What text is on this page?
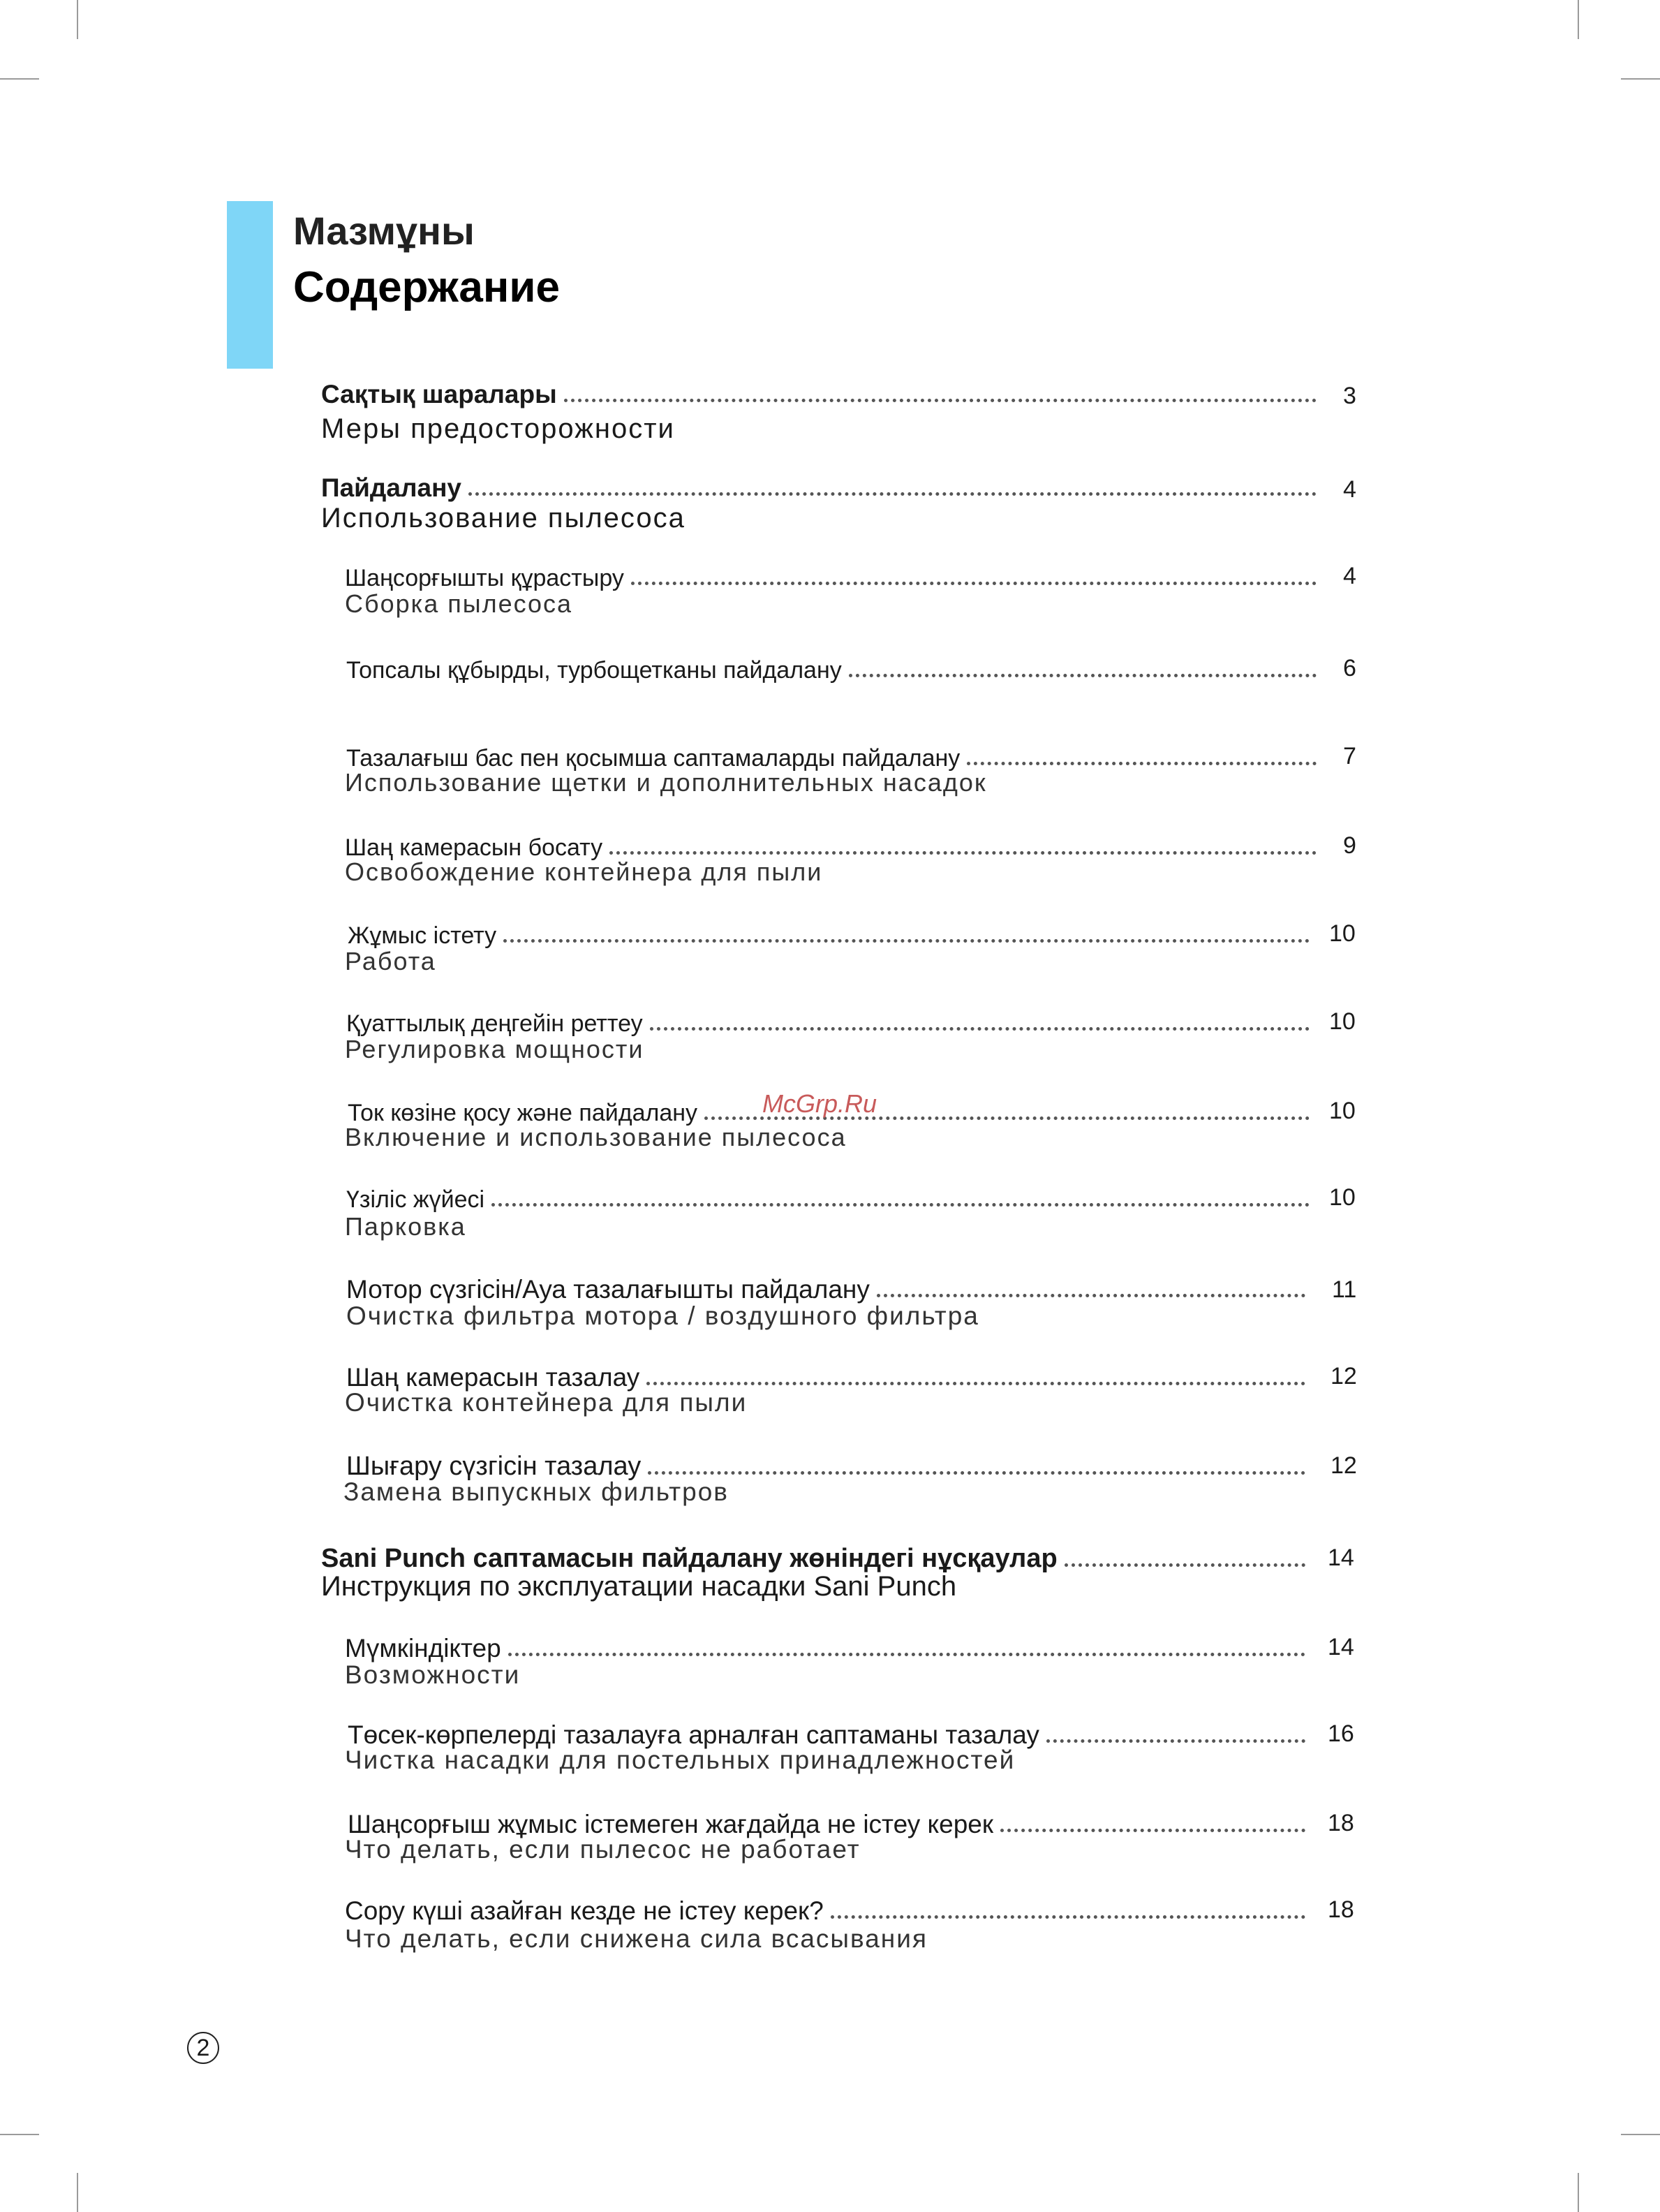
Мазмұны
Содержание
Сақтық шаралары	3
Меры предосторожности
Пайдалану	4
Использование пылесоса
Шаңсорғышты құрастыру	4
Сборка пылесоса
Топсалы құбырды, турбощетканы пайдалану	6
Тазалағыш бас пен қосымша саптамаларды пайдалану	7
Использование щетки и дополнительных насадок
Шаң камерасын босату	9
Освобождение контейнера для пыли
Жұмыс істету	10
Работа
Қуаттылық деңгейін реттеу	10
Регулировка мощности
Ток көзіне қосу және пайдалану	10
Включение и использование пылесоса
Үзіліс жүйесі	10
Парковка
Мотор сүзгісін/Ауа тазалағышты пайдалану	11
Очистка фильтра мотора / воздушного фильтра
Шаң камерасын тазалау	12
Очистка контейнера для пыли
Шығару сүзгісін тазалау	12
Замена выпускных фильтров
Sani Punch саптамасын пайдалану жөніндегі нұсқаулар	14
Инструкция по эксплуатации насадки Sani Punch
Мүмкіндіктер	14
Возможности
Төсек-көрпелерді тазалауға арналған саптаманы тазалау	16
Чистка насадки для постельных принадлежностей
Шаңсорғыш жұмыс істемеген жағдайда не істеу керек	18
Что делать, если пылесос не работает
Сору күші азайған кезде не істеу керек?	18
Что делать, если снижена сила всасывания
McGrp.Ru
2
